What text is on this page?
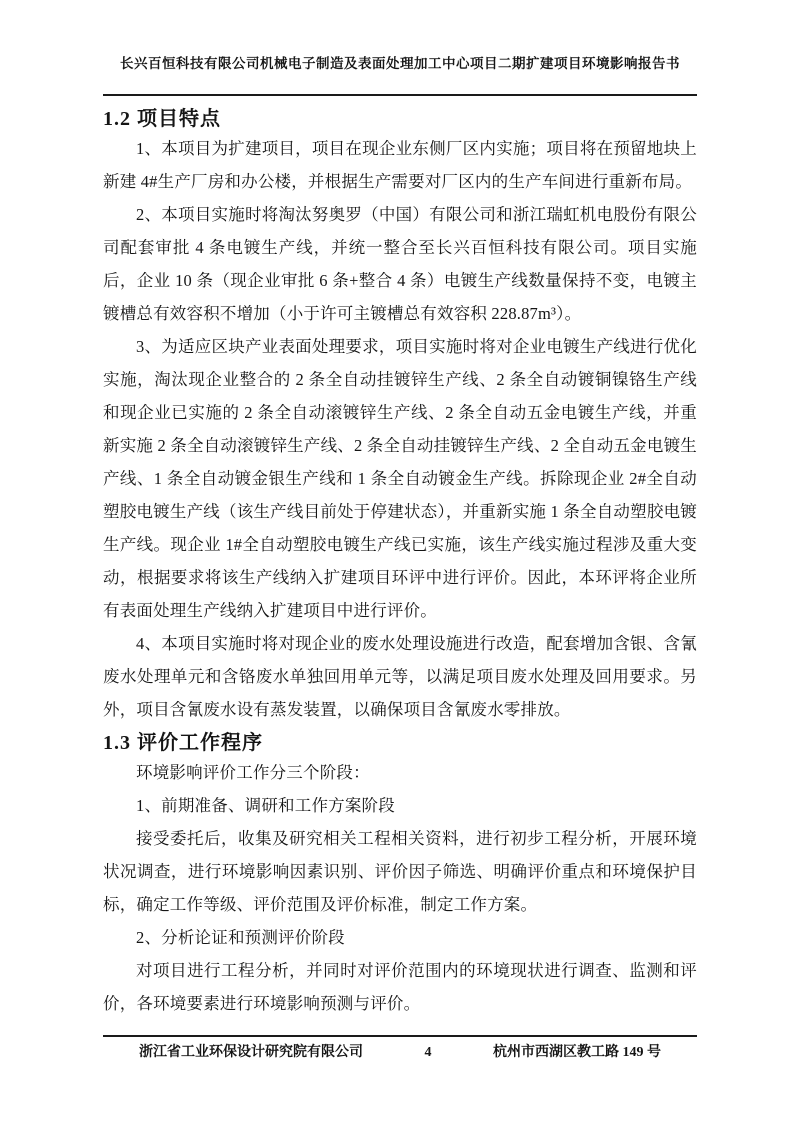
长兴百恒科技有限公司机械电子制造及表面处理加工中心项目二期扩建项目环境影响报告书
1.2 项目特点

1、本项目为扩建项目，项目在现企业东侧厂区内实施；项目将在预留地块上新建 4#生产厂房和办公楼，并根据生产需要对厂区内的生产车间进行重新布局。

2、本项目实施时将淘汰努奥罗（中国）有限公司和浙江瑞虹机电股份有限公司配套审批 4 条电镀生产线，并统一整合至长兴百恒科技有限公司。项目实施后，企业 10 条（现企业审批 6 条+整合 4 条）电镀生产线数量保持不变，电镀主镀槽总有效容积不增加（小于许可主镀槽总有效容积 228.87m³）。

3、为适应区块产业表面处理要求，项目实施时将对企业电镀生产线进行优化实施，淘汰现企业整合的 2 条全自动挂镀锌生产线、2 条全自动镀铜镍铬生产线和现企业已实施的 2 条全自动滚镀锌生产线、2 条全自动五金电镀生产线，并重新实施 2 条全自动滚镀锌生产线、2 条全自动挂镀锌生产线、2 全自动五金电镀生产线、1 条全自动镀金银生产线和 1 条全自动镀金生产线。拆除现企业 2#全自动塑胶电镀生产线（该生产线目前处于停建状态），并重新实施 1 条全自动塑胶电镀生产线。现企业 1#全自动塑胶电镀生产线已实施，该生产线实施过程涉及重大变动，根据要求将该生产线纳入扩建项目环评中进行评价。因此，本环评将企业所有表面处理生产线纳入扩建项目中进行评价。

4、本项目实施时将对现企业的废水处理设施进行改造，配套增加含银、含氰废水处理单元和含铬废水单独回用单元等，以满足项目废水处理及回用要求。另外，项目含氰废水设有蒸发装置，以确保项目含氰废水零排放。

1.3 评价工作程序

环境影响评价工作分三个阶段：

1、前期准备、调研和工作方案阶段

接受委托后，收集及研究相关工程相关资料，进行初步工程分析，开展环境状况调查，进行环境影响因素识别、评价因子筛选、明确评价重点和环境保护目标，确定工作等级、评价范围及评价标准，制定工作方案。

2、分析论证和预测评价阶段

对项目进行工程分析，并同时对评价范围内的环境现状进行调查、监测和评价，各环境要素进行环境影响预测与评价。

浙江省工业环保设计研究院有限公司	4	杭州市西湖区教工路 149 号
